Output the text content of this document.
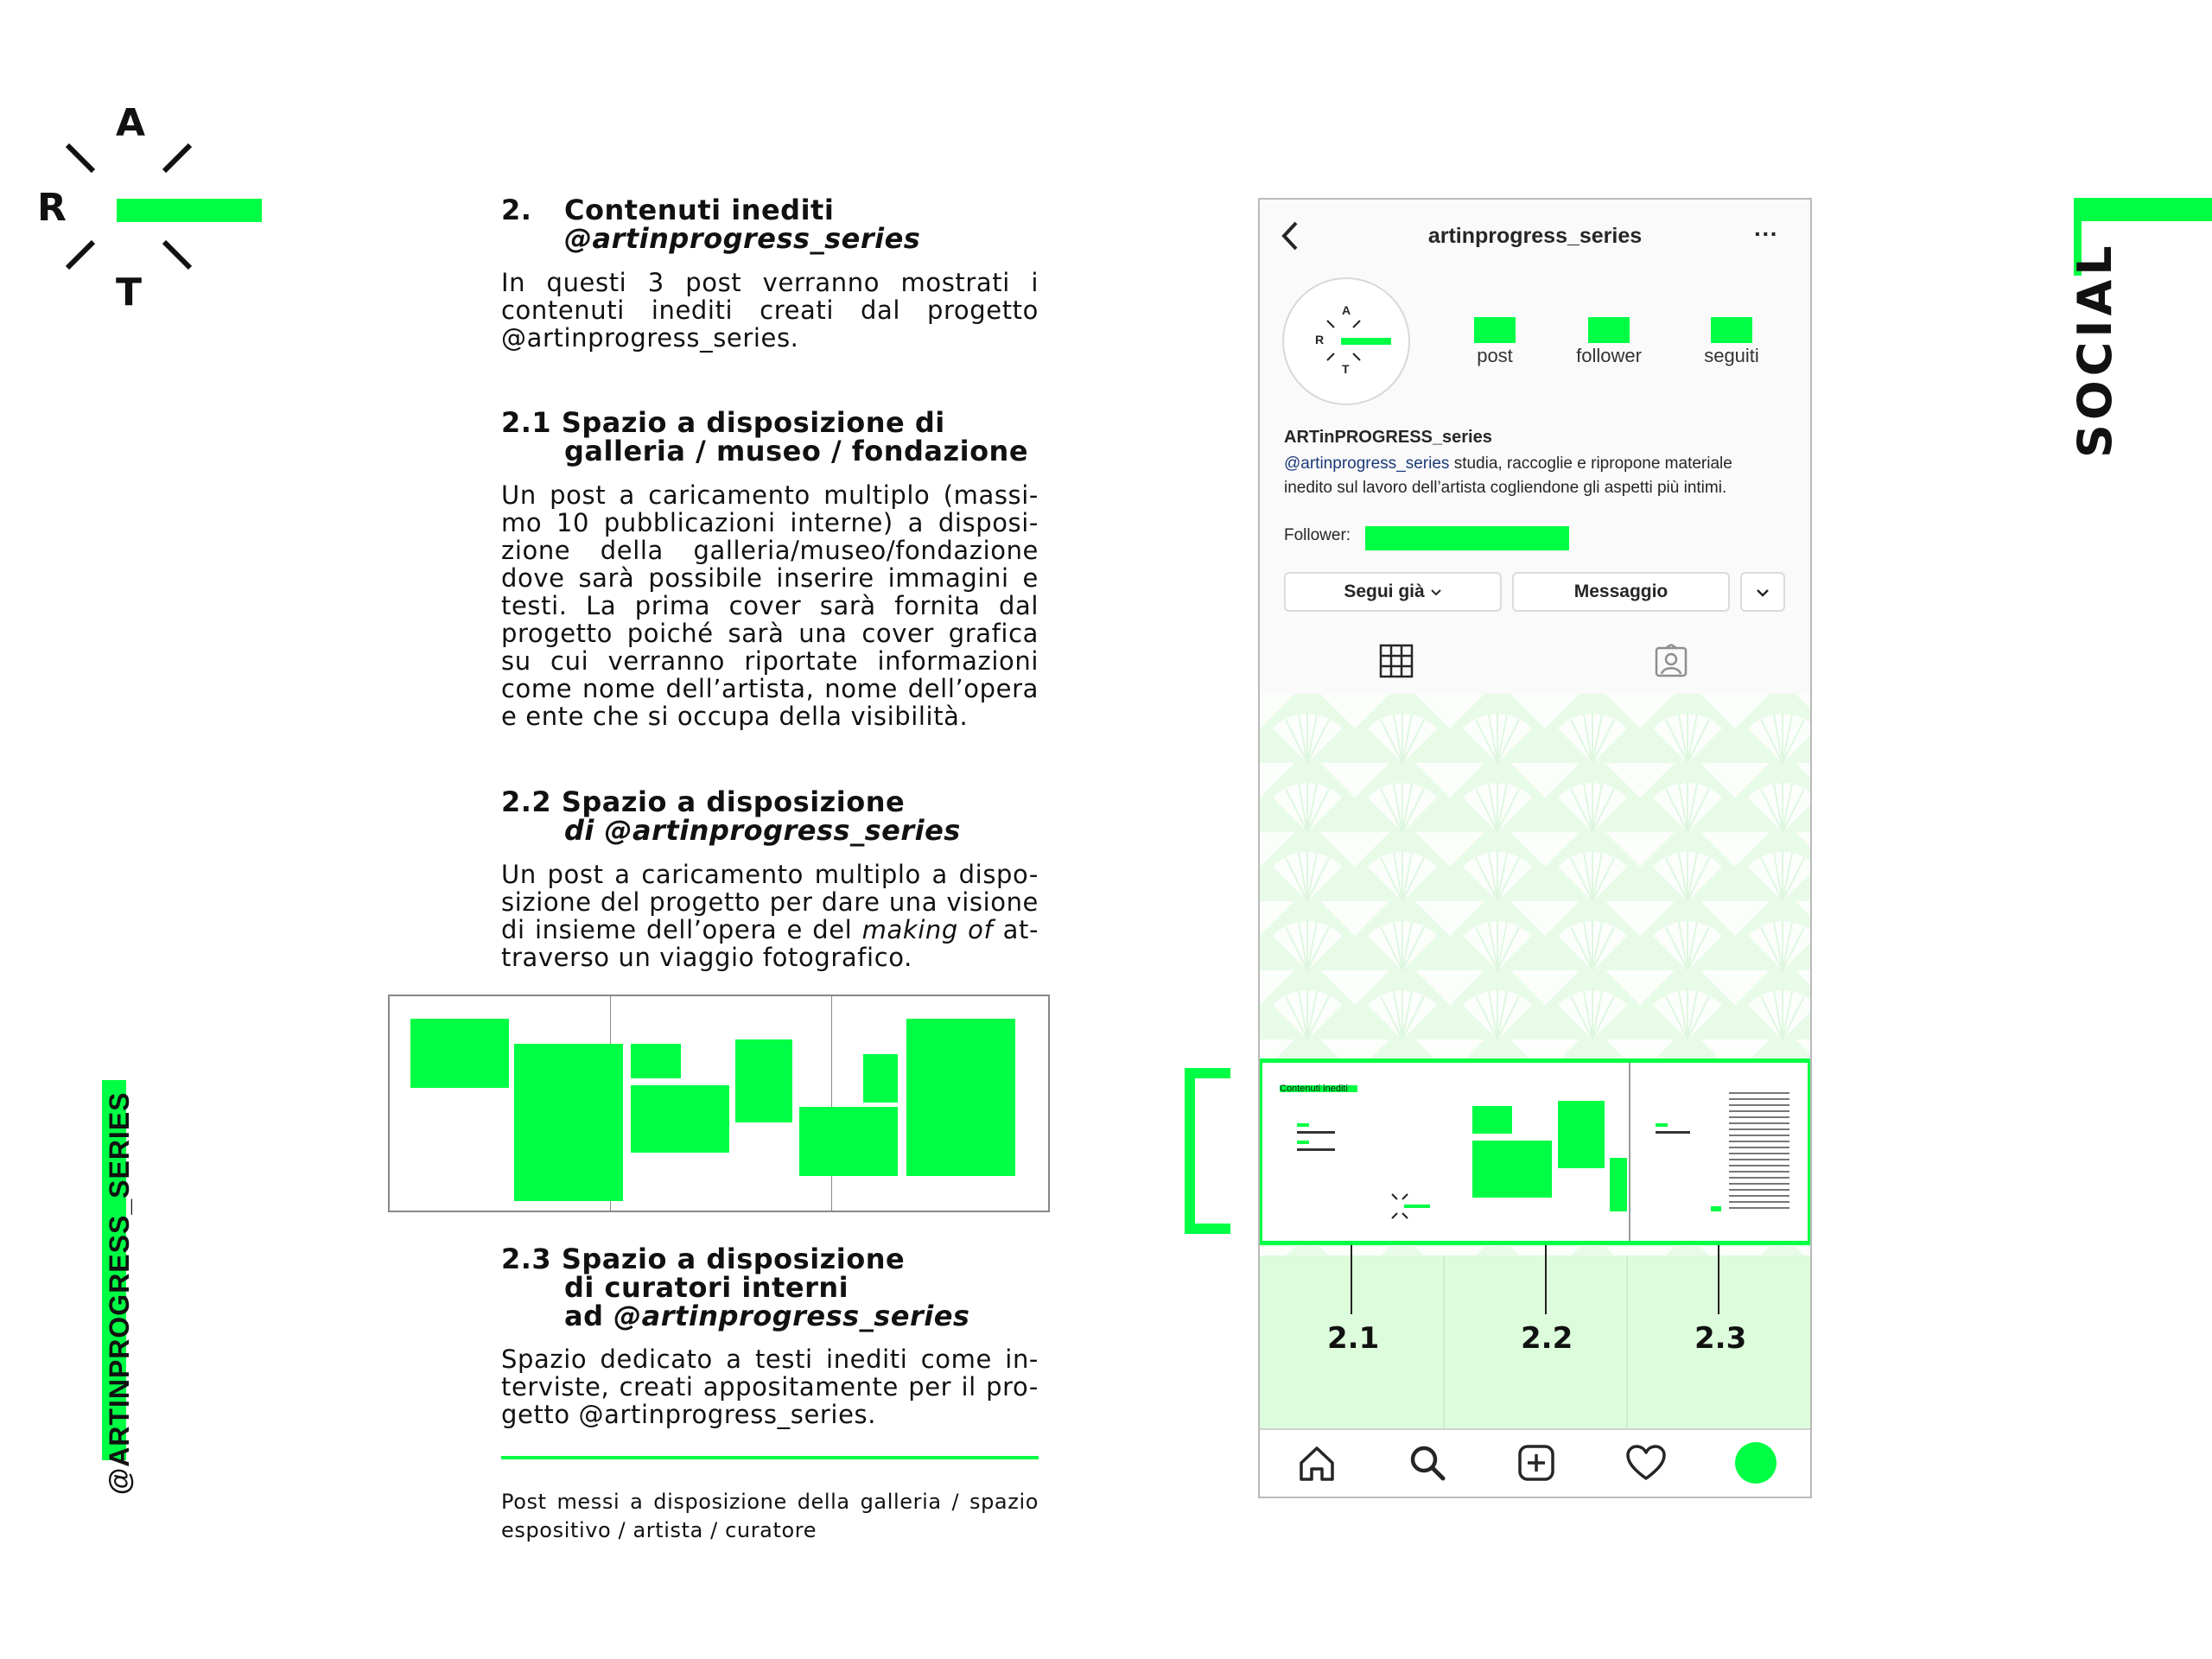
A
R
T
@ARTINPROGRESS_SERIES
SOCIAL
2. Contenuti inediti
@artinprogress_series
In questi 3 post verranno mostrati i contenuti inediti creati dal progetto @artinprogress_series.
2.1 Spazio a disposizione di
galleria / museo / fondazione
Un post a caricamento multiplo (massi-mo 10 pubblicazioni interne) a disposi-zione della galleria/museo/fondazione dove sarà possibile inserire immagini e testi. La prima cover sarà fornita dal progetto poiché sarà una cover grafica su cui verranno riportate informazioni come nome dell’artista, nome dell’opera e ente che si occupa della visibilità.
2.2 Spazio a disposizione
di @artinprogress_series
Un post a caricamento multiplo a dispo-sizione del progetto per dare una visione di insieme dell’opera e del making of at-traverso un viaggio fotografico.
2.3 Spazio a disposizione
di curatori interni
ad @artinprogress_series
Spazio dedicato a testi inediti come in-terviste, creati appositamente per il pro-getto @artinprogress_series.
Post messi a disposizione della galleria / spazio espositivo / artista / curatore
artinprogress_series	···
A
R
T
post	follower	seguiti
ARTinPROGRESS_series
@artinprogress_series studia, raccoglie e ripropone materiale inedito sul lavoro dell’artista cogliendone gli aspetti più intimi.
Follower:
Segui già	Messaggio
Contenuti inediti
2.1	2.2	2.3
